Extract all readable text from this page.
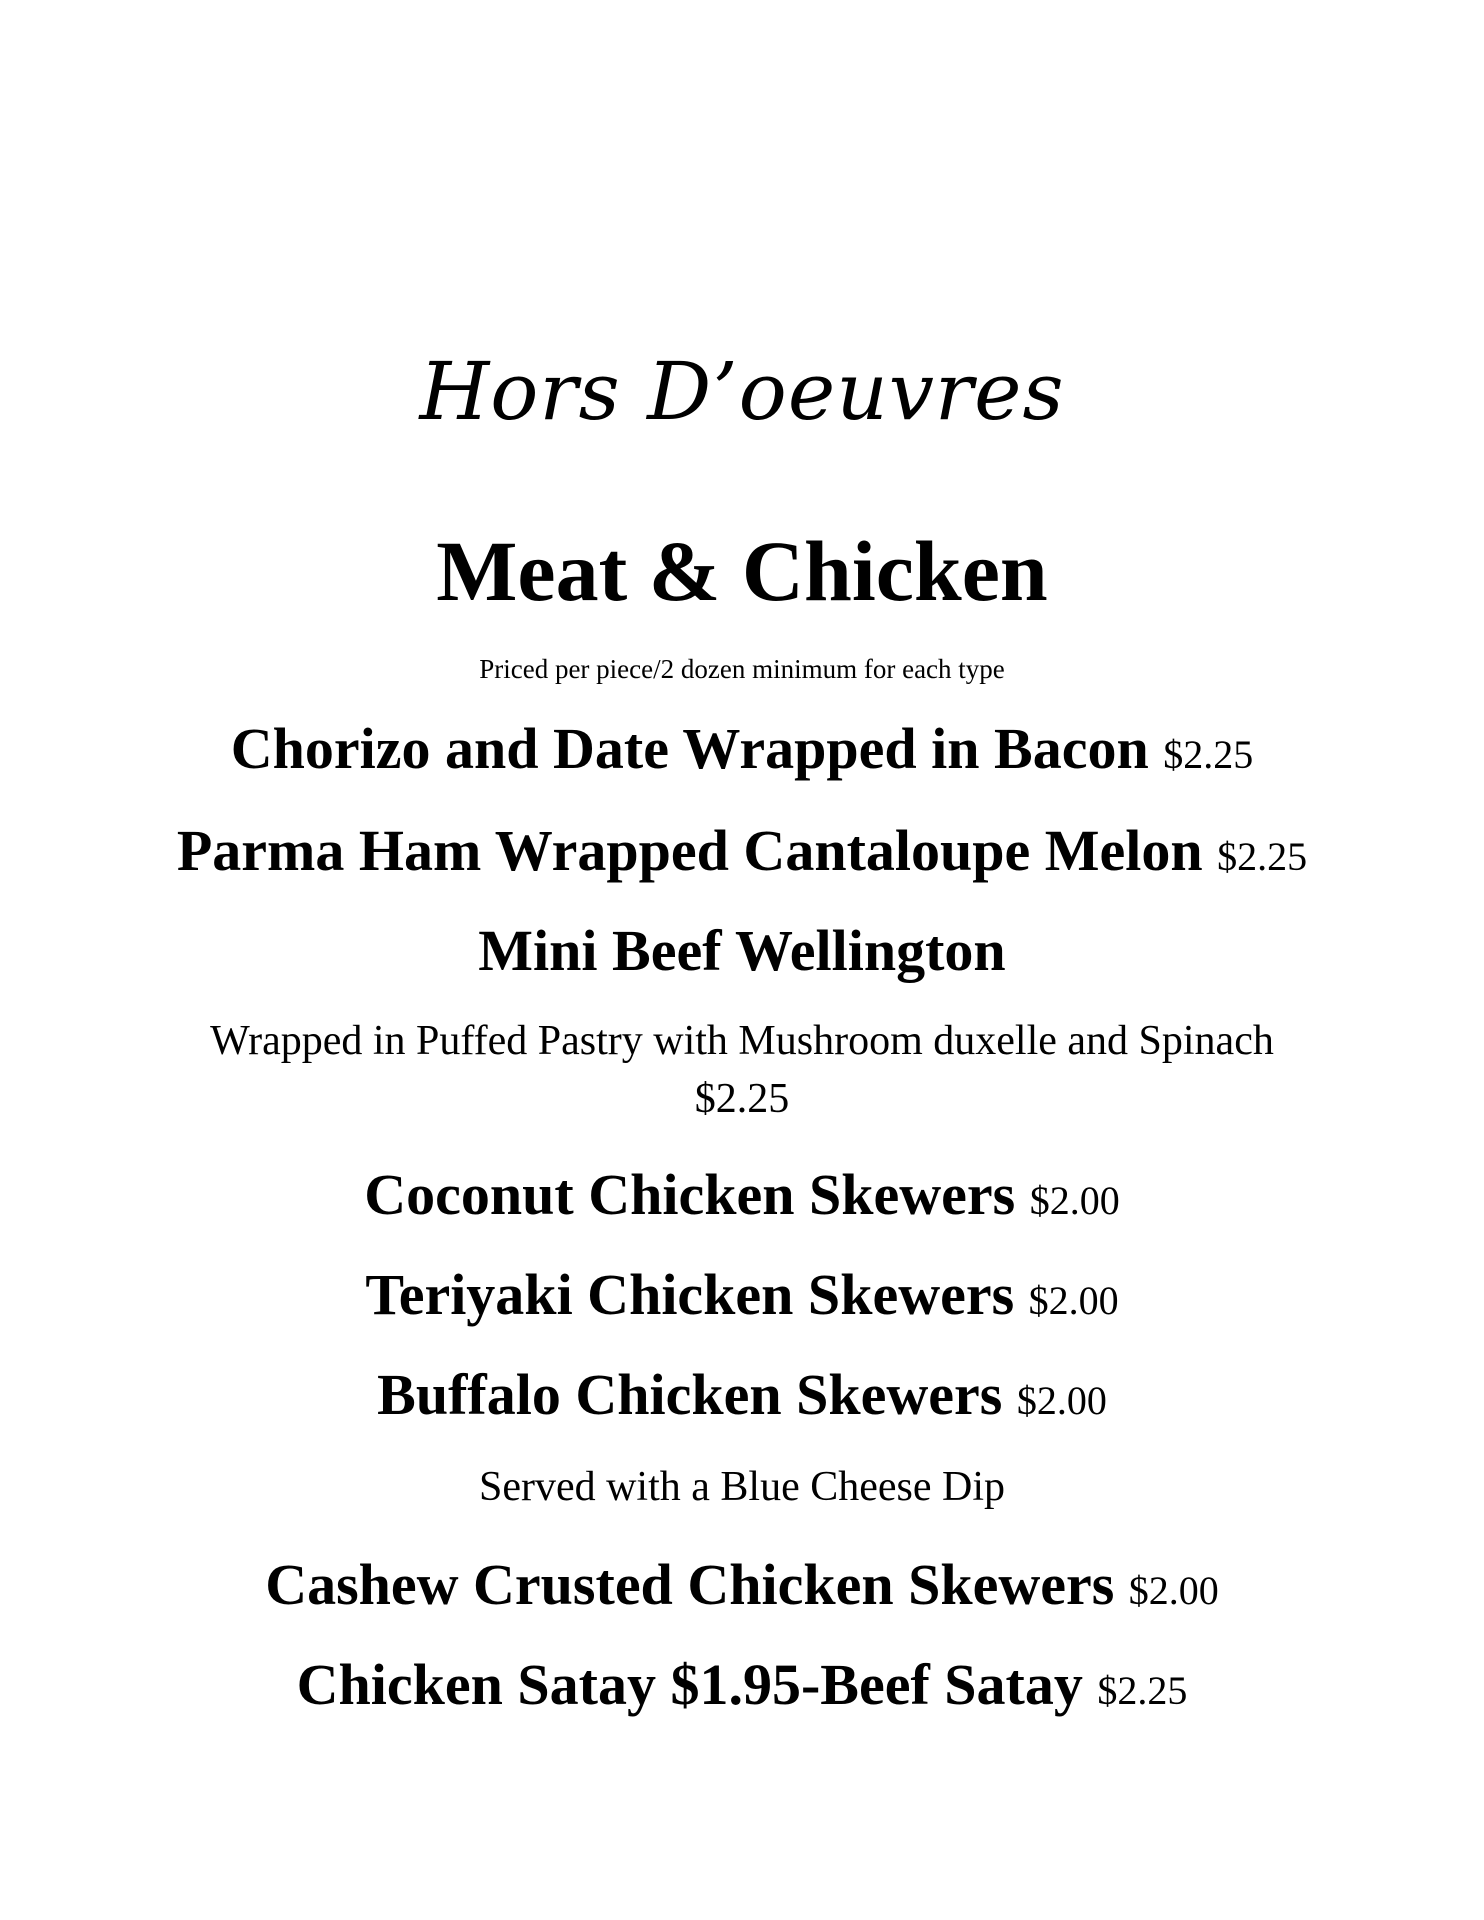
Hors D’oeuvres
Meat & Chicken
Priced per piece/2 dozen minimum for each type
Chorizo and Date Wrapped in Bacon $2.25
Parma Ham Wrapped Cantaloupe Melon $2.25
Mini Beef Wellington
Wrapped in Puffed Pastry with Mushroom duxelle and Spinach
$2.25
Coconut Chicken Skewers $2.00
Teriyaki Chicken Skewers $2.00
Buffalo Chicken Skewers $2.00
Served with a Blue Cheese Dip
Cashew Crusted Chicken Skewers $2.00
Chicken Satay $1.95-Beef Satay $2.25
